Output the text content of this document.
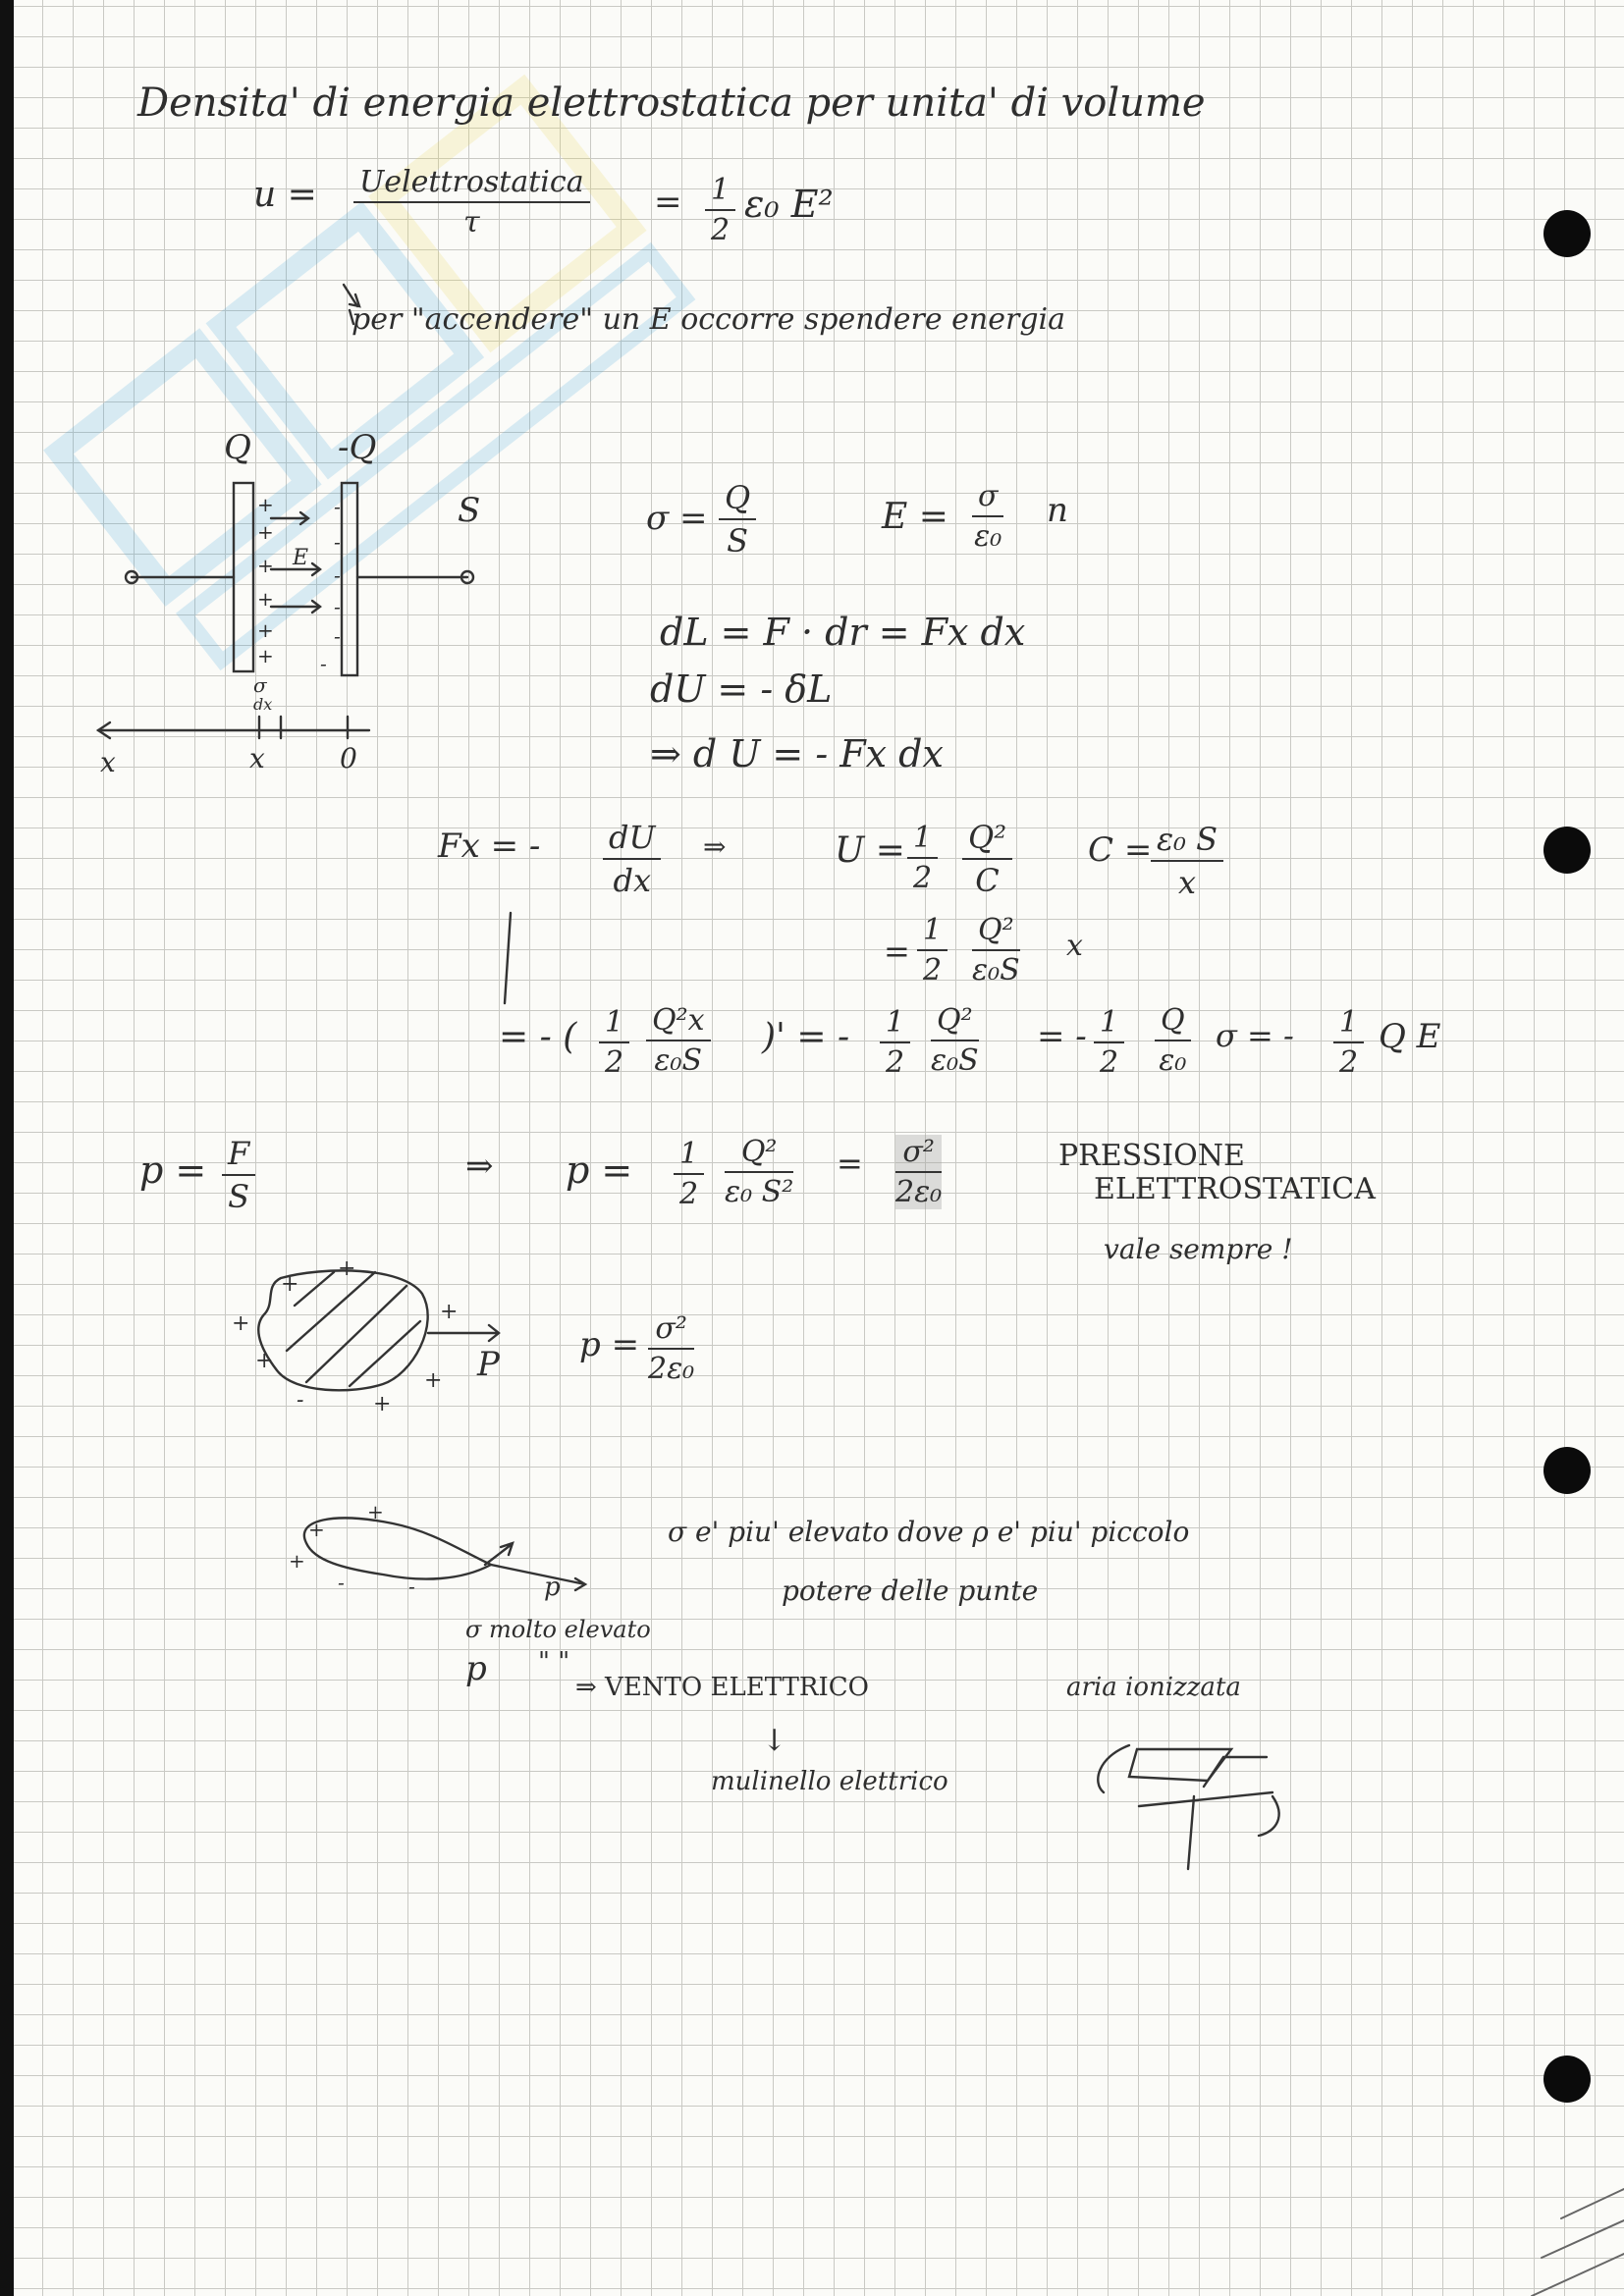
Densita' di energia elettrostatica per unita' di volume
u = Uelettrostatica
τ
= $\frac{1}{2} \varepsilon_0$ E²
per "accendere" un E occorre spendere energia
Q	-Q
S
+
+
+
+
+
+
-
-
-
-
-
-
E
σ
dx
x	x	0
$\sigma = \frac{Q}{S}$	$E = \frac{\sigma}{\text{ε₀}}$ n
dL = F · dr = Fx dx
dU = - δL
⇒ d U = - Fx dx
Fx = - $\frac{dU}{dx}$ ⇒	$U = \frac{1}{2} \frac{\text{Q²}}{C}$ C =
$\frac{\text{ε₀ S}}{x}$
= $\frac{1}{2} \frac{\text{Q²}}{\text{ε₀S}}$ x
= - ( $\frac{1}{2} \frac{\text{Q²x}}{\text{ε₀S}}$ )' = - $\frac{1}{2} \frac{\text{Q²}}{\text{ε₀S}}$ = - $\frac{1}{2} \frac{Q}{\text{ε₀}}$ σ = - $\frac{1}{2}$ Q E
$p = \frac{F}{S}$	⇒ $p = \frac{1}{2} \frac{\text{Q²}}{\text{ε₀ S²}} = \frac{\text{σ²}}{\text{2ε₀}}$	PRESSIONE
ELETTROSTATICA
vale sempre !
P $p = \frac{\text{σ²}}{\text{2ε₀}}$
+
+
+
+
-	+
+
+
σ e' piu' elevato dove ρ e' piu' piccolo
potere delle punte
p
+
+
+
-	-
σ molto elevato
p " "
⇒ VENTO ELETTRICO	aria ionizzata
↓
mulinello elettrico
